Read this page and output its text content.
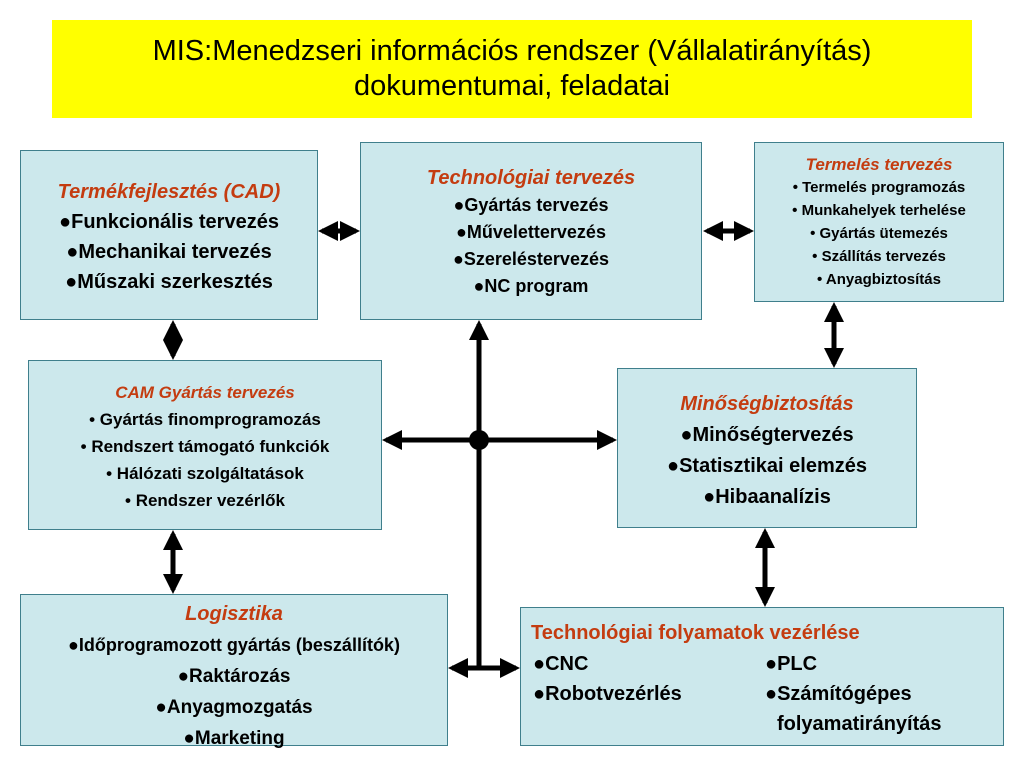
MIS:Menedzseri információs rendszer (Vállalatirányítás)
dokumentumai, feladatai
Termékfejlesztés (CAD)
●Funkcionális tervezés
●Mechanikai tervezés
●Műszaki szerkesztés
Technológiai tervezés
●Gyártás tervezés
●Művelettervezés
●Szereléstervezés
●NC program
Termelés tervezés
• Termelés programozás
• Munkahelyek terhelése
• Gyártás ütemezés
• Szállítás tervezés
• Anyagbiztosítás
CAM Gyártás tervezés
• Gyártás finomprogramozás
• Rendszert támogató funkciók
• Hálózati szolgáltatások
• Rendszer vezérlők
Minőségbiztosítás
●Minőségtervezés
●Statisztikai elemzés
●Hibaanalízis
Logisztika
●Időprogramozott gyártás (beszállítók)
●Raktározás
●Anyagmozgatás
●Marketing
Technológiai folyamatok vezérlése
●CNC
●Robotvezérlés
●PLC
●Számítógépes
folyamatirányítás
